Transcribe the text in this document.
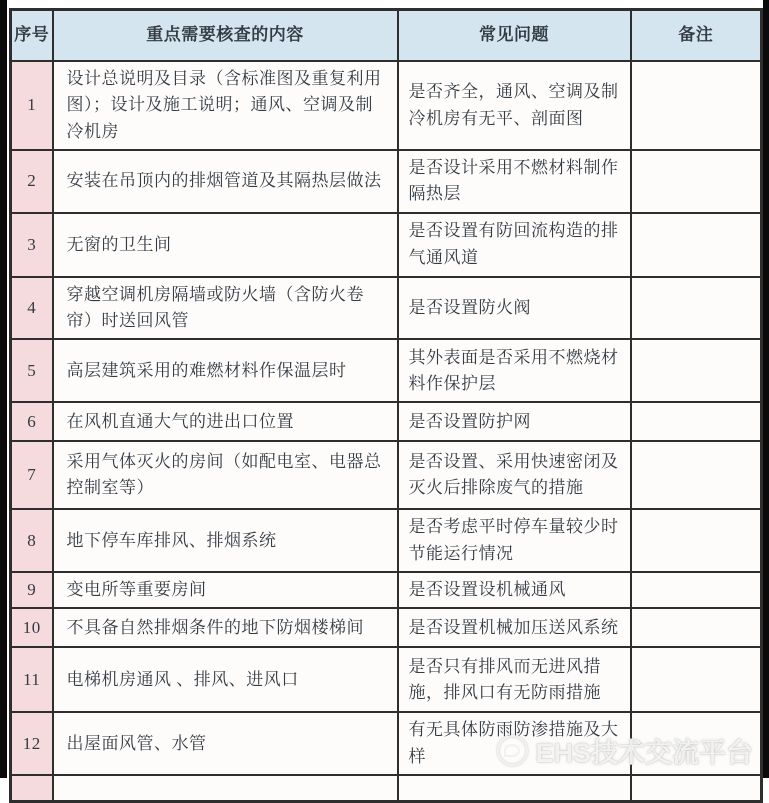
序号	重点需要核查的内容	常见问题	备注
1	设计总说明及目录（含标准图及重复利用图）；设计及施工说明；通风、空调及制冷机房	是否齐全，通风、空调及制冷机房有无平、剖面图	
2	安装在吊顶内的排烟管道及其隔热层做法	是否设计采用不燃材料制作隔热层	
3	无窗的卫生间	是否设置有防回流构造的排气通风道	
4	穿越空调机房隔墙或防火墙（含防火卷帘）时送回风管	是否设置防火阀	
5	高层建筑采用的难燃材料作保温层时	其外表面是否采用不燃烧材料作保护层	
6	在风机直通大气的进出口位置	是否设置防护网	
7	采用气体灭火的房间（如配电室、电器总控制室等）	是否设置、采用快速密闭及灭火后排除废气的措施	
8	地下停车库排风、排烟系统	是否考虑平时停车量较少时节能运行情况	
9	变电所等重要房间	是否设置设机械通风	
10	不具备自然排烟条件的地下防烟楼梯间	是否设置机械加压送风系统	
11	电梯机房通风 、排风、进风口	是否只有排风而无进风措施，排风口有无防雨措施	
12	出屋面风管、水管	有无具体防雨防渗措施及大样	
				EHS技术交流平台
